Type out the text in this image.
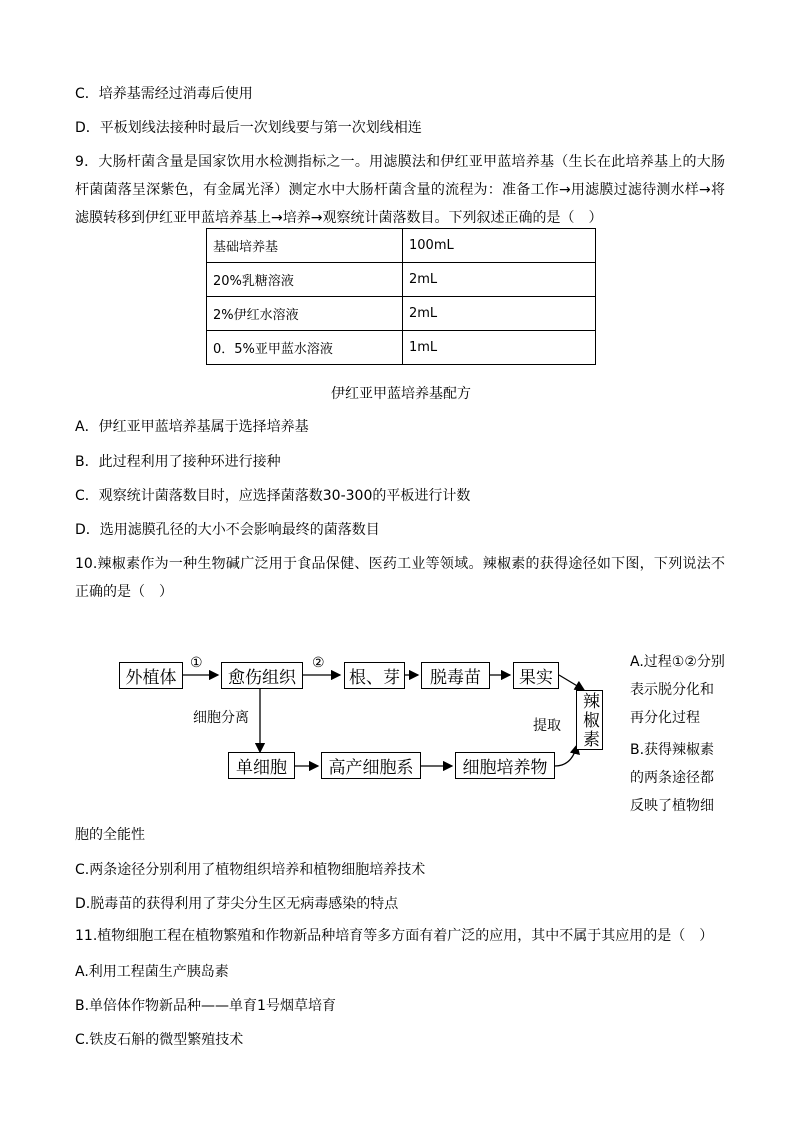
C．培养基需经过消毒后使用
D．平板划线法接种时最后一次划线要与第一次划线相连
9．大肠杆菌含量是国家饮用水检测指标之一。用滤膜法和伊红亚甲蓝培养基（生长在此培养基上的大肠杆菌菌落呈深紫色，有金属光泽）测定水中大肠杆菌含量的流程为：准备工作→用滤膜过滤待测水样→将滤膜转移到伊红亚甲蓝培养基上→培养→观察统计菌落数目。下列叙述正确的是（　）
基础培养基	100mL
20%乳糖溶液	2mL
2%伊红水溶液	2mL
0．5%亚甲蓝水溶液	1mL
伊红亚甲蓝培养基配方
A．伊红亚甲蓝培养基属于选择培养基
B．此过程利用了接种环进行接种
C．观察统计菌落数目时，应选择菌落数30-300的平板进行计数
D．选用滤膜孔径的大小不会影响最终的菌落数目
10.辣椒素作为一种生物碱广泛用于食品保健、医药工业等领域。辣椒素的获得途径如下图，下列说法不正确的是（　）
外植体
①
愈伤组织
②
根、芽	脱毒苗	果实
辣椒素
细胞分离	提取
单细胞	高产细胞系	细胞培养物
A.过程①②分别表示脱分化和再分化过程
B.获得辣椒素的两条途径都反映了植物细
胞的全能性
C.两条途径分别利用了植物组织培养和植物细胞培养技术
D.脱毒苗的获得利用了芽尖分生区无病毒感染的特点
11.植物细胞工程在植物繁殖和作物新品种培育等多方面有着广泛的应用，其中不属于其应用的是（　）
A.利用工程菌生产胰岛素
B.单倍体作物新品种——单育1号烟草培育
C.铁皮石斛的微型繁殖技术
